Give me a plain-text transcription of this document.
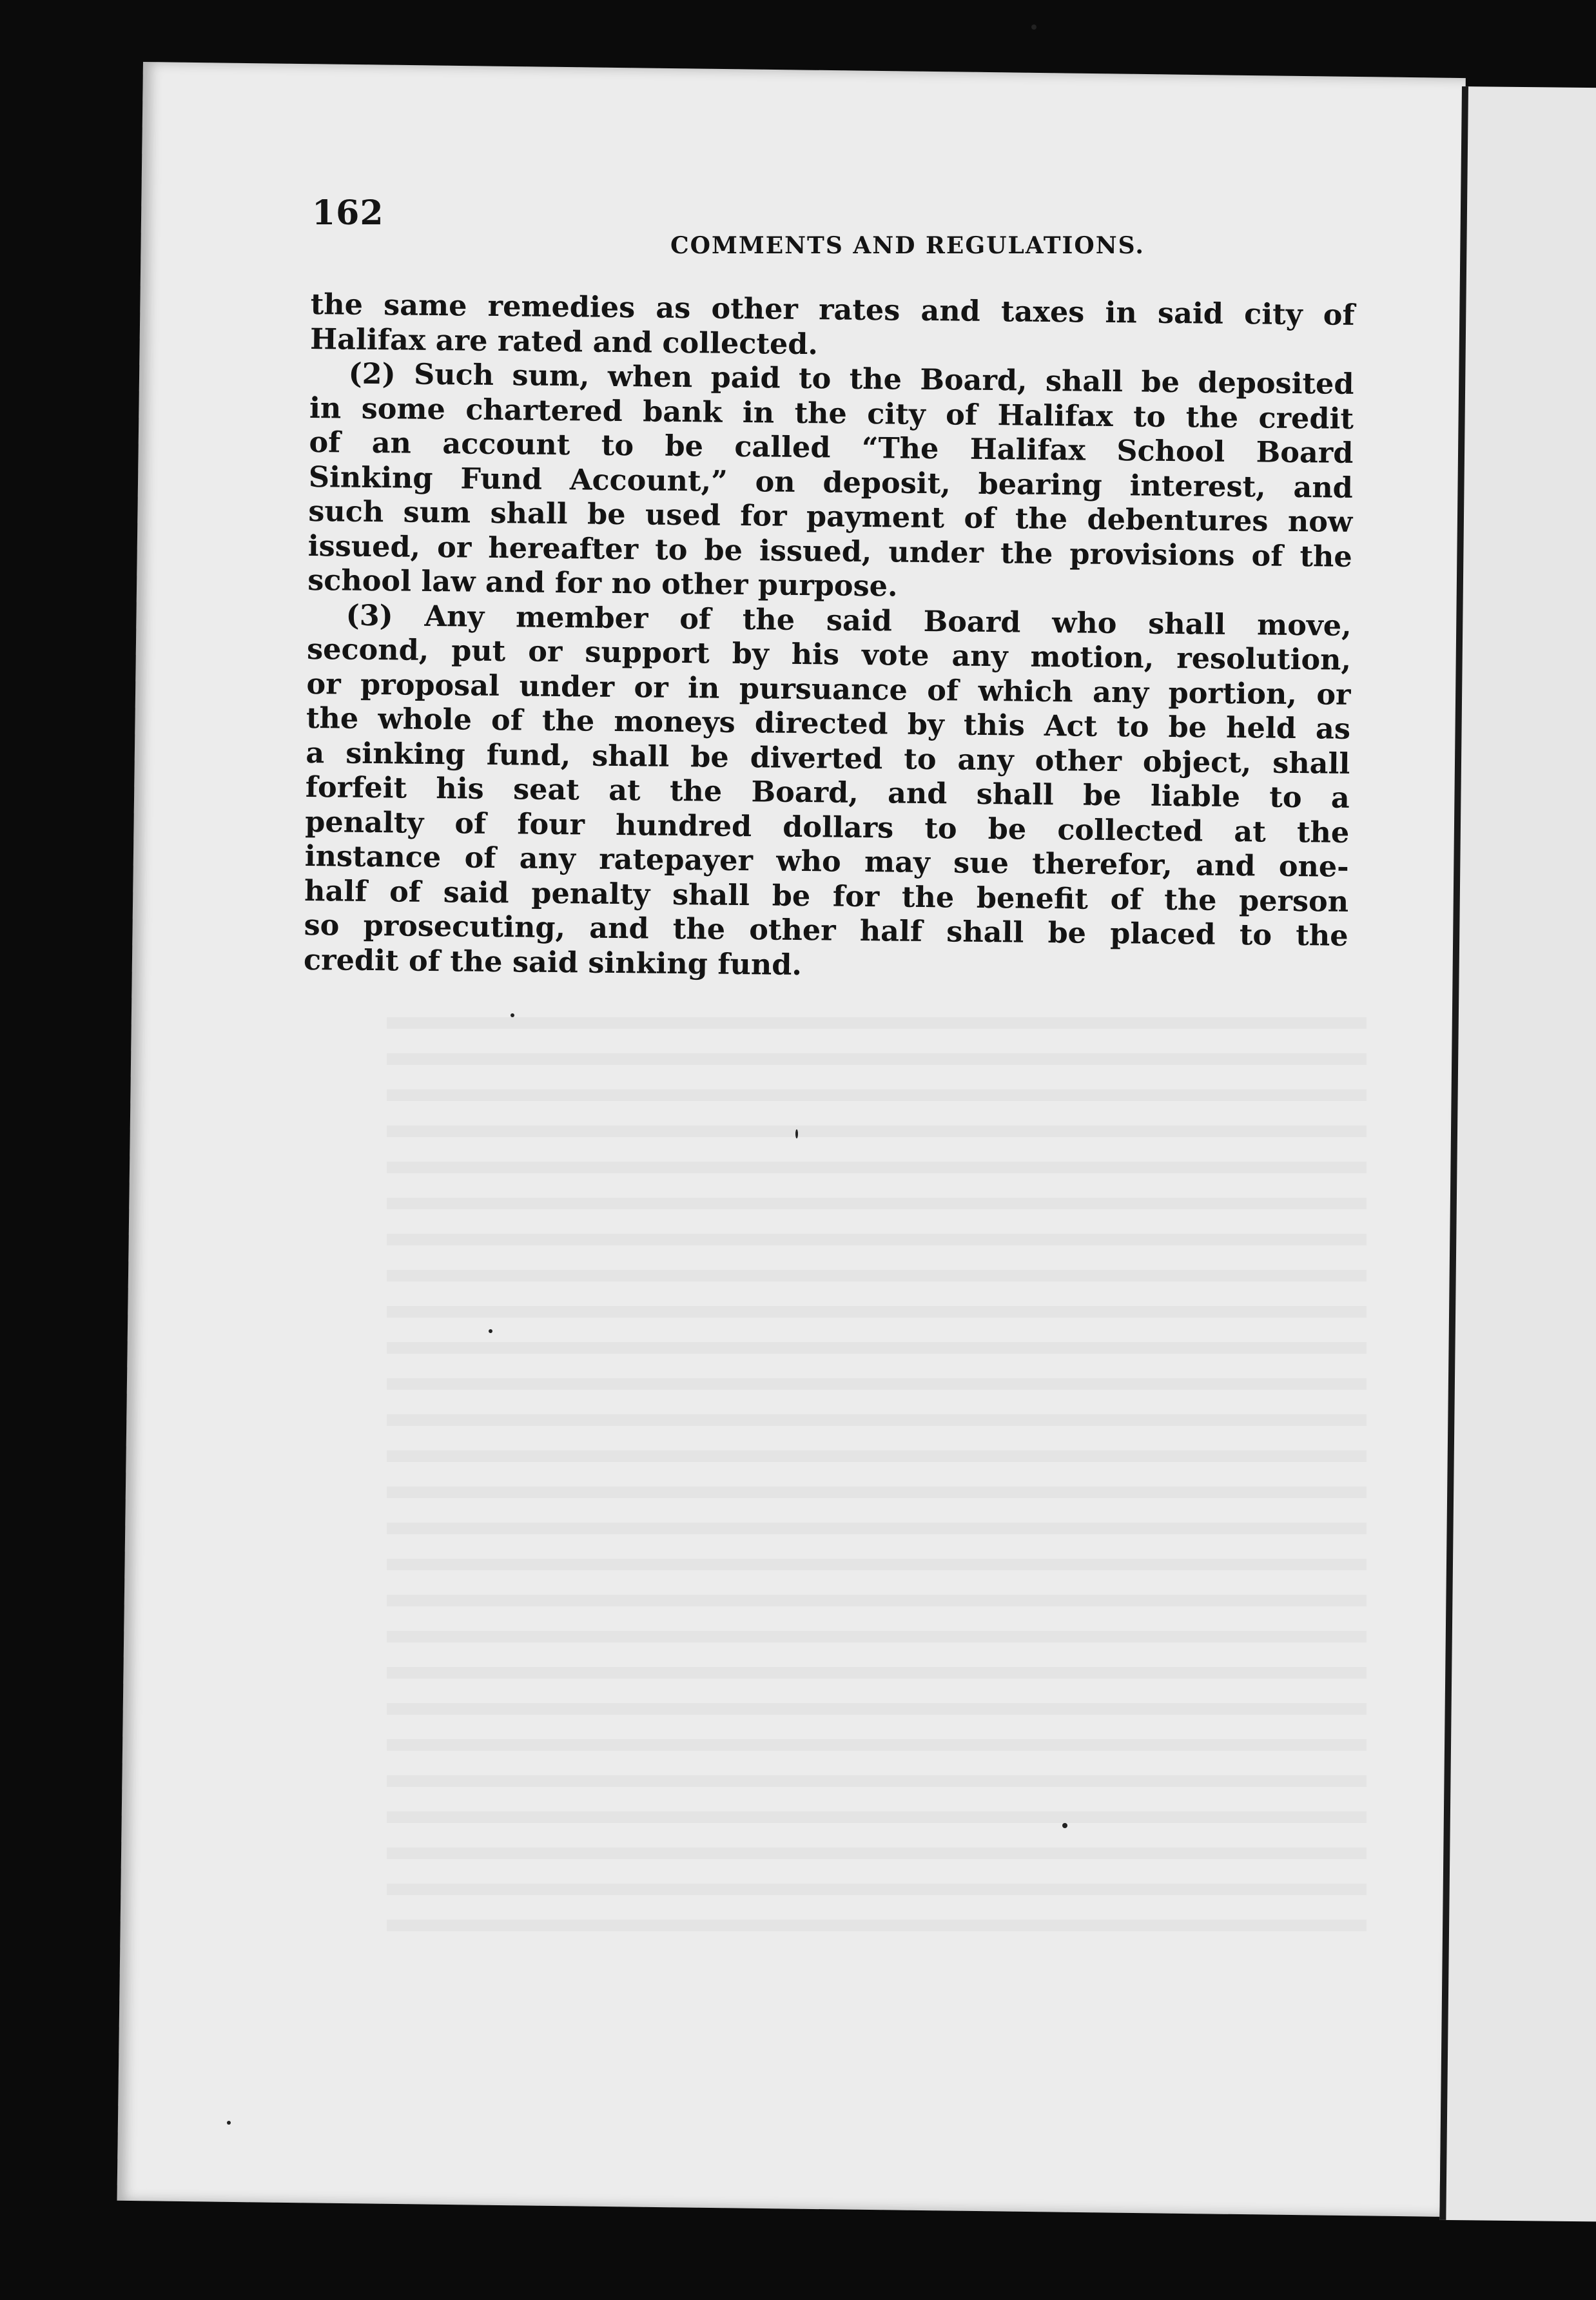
162
COMMENTS AND REGULATIONS.
the same remedies as other rates and taxes in said city of
Halifax are rated and collected.
(2) Such sum, when paid to the Board, shall be deposited
in some chartered bank in the city of Halifax to the credit
of an account to be called “The Halifax School Board
Sinking Fund Account,” on deposit, bearing interest, and
such sum shall be used for payment of the debentures now
issued, or hereafter to be issued, under the provisions of the
school law and for no other purpose.
(3) Any member of the said Board who shall move,
second, put or support by his vote any motion, resolution,
or proposal under or in pursuance of which any portion, or
the whole of the moneys directed by this Act to be held as
a sinking fund, shall be diverted to any other object, shall
forfeit his seat at the Board, and shall be liable to a
penalty of four hundred dollars to be collected at the
instance of any ratepayer who may sue therefor, and one-
half of said penalty shall be for the benefit of the person
so prosecuting, and the other half shall be placed to the
credit of the said sinking fund.
